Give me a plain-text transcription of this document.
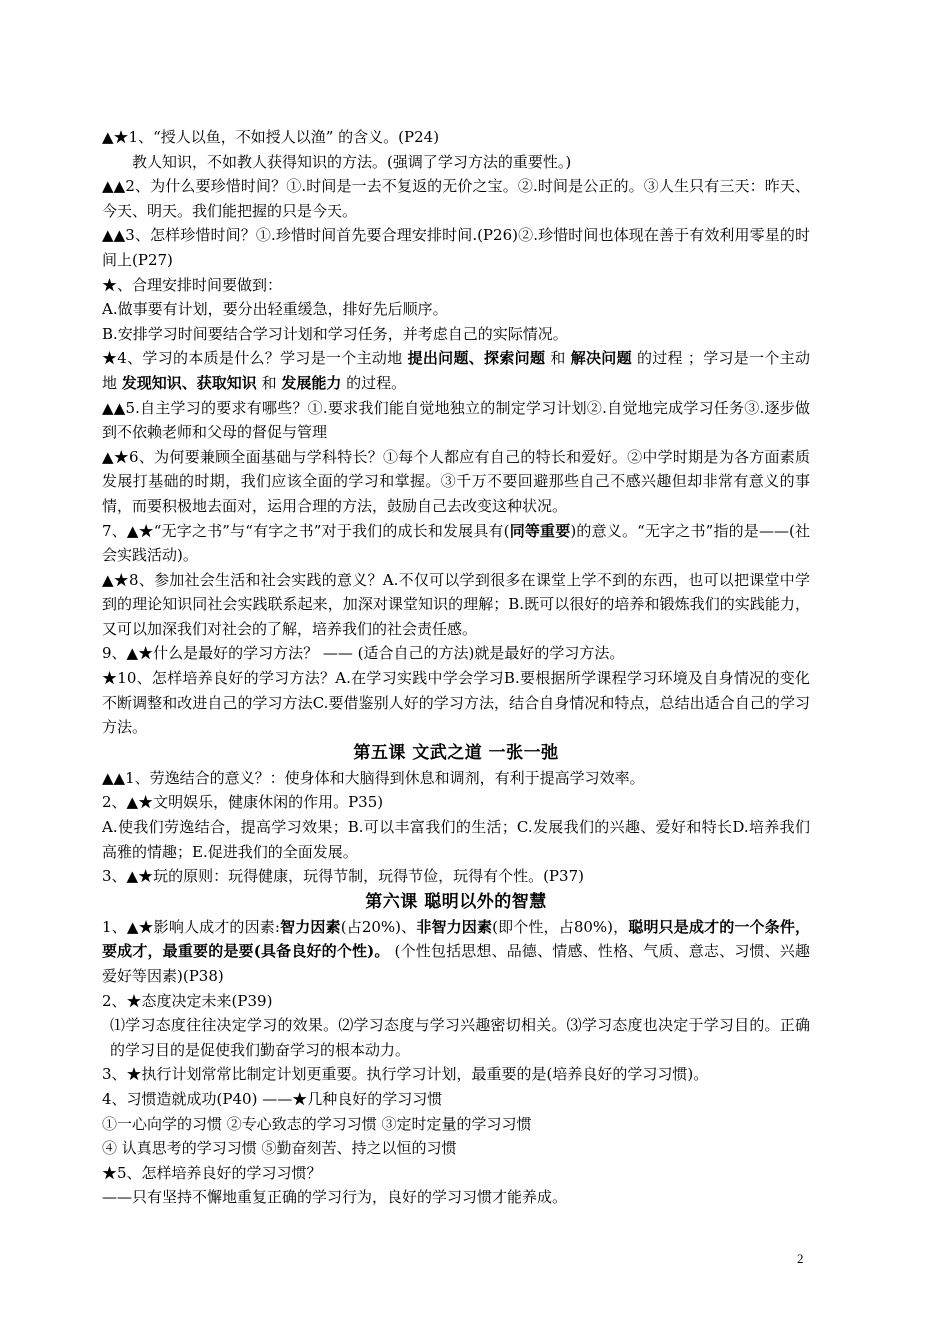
▲★1、“授人以鱼，不如授人以渔” 的含义。(P24)

教人知识，不如教人获得知识的方法。(强调了学习方法的重要性。)

▲▲2、为什么要珍惜时间？①.时间是一去不复返的无价之宝。②.时间是公正的。③人生只有三天：昨天、今天、明天。我们能把握的只是今天。

▲▲3、怎样珍惜时间？①.珍惜时间首先要合理安排时间.(P26)②.珍惜时间也体现在善于有效利用零星的时间上(P27)

★、合理安排时间要做到：

A.做事要有计划，要分出轻重缓急，排好先后顺序。

B.安排学习时间要结合学习计划和学习任务，并考虑自己的实际情况。

★4、学习的本质是什么？学习是一个主动地 提出问题、探索问题 和 解决问题 的过程 ；学习是一个主动地 发现知识、获取知识 和 发展能力 的过程。

▲▲5.自主学习的要求有哪些？①.要求我们能自觉地独立的制定学习计划②.自觉地完成学习任务③.逐步做到不依赖老师和父母的督促与管理

▲★6、为何要兼顾全面基础与学科特长？①每个人都应有自己的特长和爱好。②中学时期是为各方面素质发展打基础的时期，我们应该全面的学习和掌握。③千万不要回避那些自己不感兴趣但却非常有意义的事情，而要积极地去面对，运用合理的方法，鼓励自己去改变这种状况。

7、▲★“无字之书”与“有字之书”对于我们的成长和发展具有(同等重要)的意义。“无字之书”指的是——(社会实践活动)。

▲★8、参加社会生活和社会实践的意义？A.不仅可以学到很多在课堂上学不到的东西，也可以把课堂中学到的理论知识同社会实践联系起来，加深对课堂知识的理解；B.既可以很好的培养和锻炼我们的实践能力，又可以加深我们对社会的了解，培养我们的社会责任感。

9、▲★什么是最好的学习方法？ —— (适合自己的方法)就是最好的学习方法。

★10、怎样培养良好的学习方法？A.在学习实践中学会学习B.要根据所学课程学习环境及自身情况的变化不断调整和改进自己的学习方法C.要借鉴别人好的学习方法，结合自身情况和特点，总结出适合自己的学习方法。

第五课 文武之道 一张一弛

▲▲1、劳逸结合的意义？：使身体和大脑得到休息和调剂，有利于提高学习效率。

2、▲★文明娱乐，健康休闲的作用。P35)

A.使我们劳逸结合，提高学习效果；B.可以丰富我们的生活；C.发展我们的兴趣、爱好和特长D.培养我们高雅的情趣；E.促进我们的全面发展。

3、▲★玩的原则：玩得健康，玩得节制，玩得节俭，玩得有个性。(P37)

第六课 聪明以外的智慧

1、▲★影响人成才的因素:智力因素(占20%)、非智力因素(即个性，占80%)，聪明只是成才的一个条件，要成才，最重要的是要(具备良好的个性)。 (个性包括思想、品德、情感、性格、气质、意志、习惯、兴趣爱好等因素)(P38)

2、★态度决定未来(P39)

⑴学习态度往往决定学习的效果。⑵学习态度与学习兴趣密切相关。⑶学习态度也决定于学习目的。正确的学习目的是促使我们勤奋学习的根本动力。

3、★执行计划常常比制定计划更重要。执行学习计划，最重要的是(培养良好的学习习惯)。

4、习惯造就成功(P40) ——★几种良好的学习习惯

①一心向学的习惯 ②专心致志的学习习惯 ③定时定量的学习习惯

④ 认真思考的学习习惯 ⑤勤奋刻苦、持之以恒的习惯

★5、怎样培养良好的学习习惯？

——只有坚持不懈地重复正确的学习行为，良好的学习习惯才能养成。

2
